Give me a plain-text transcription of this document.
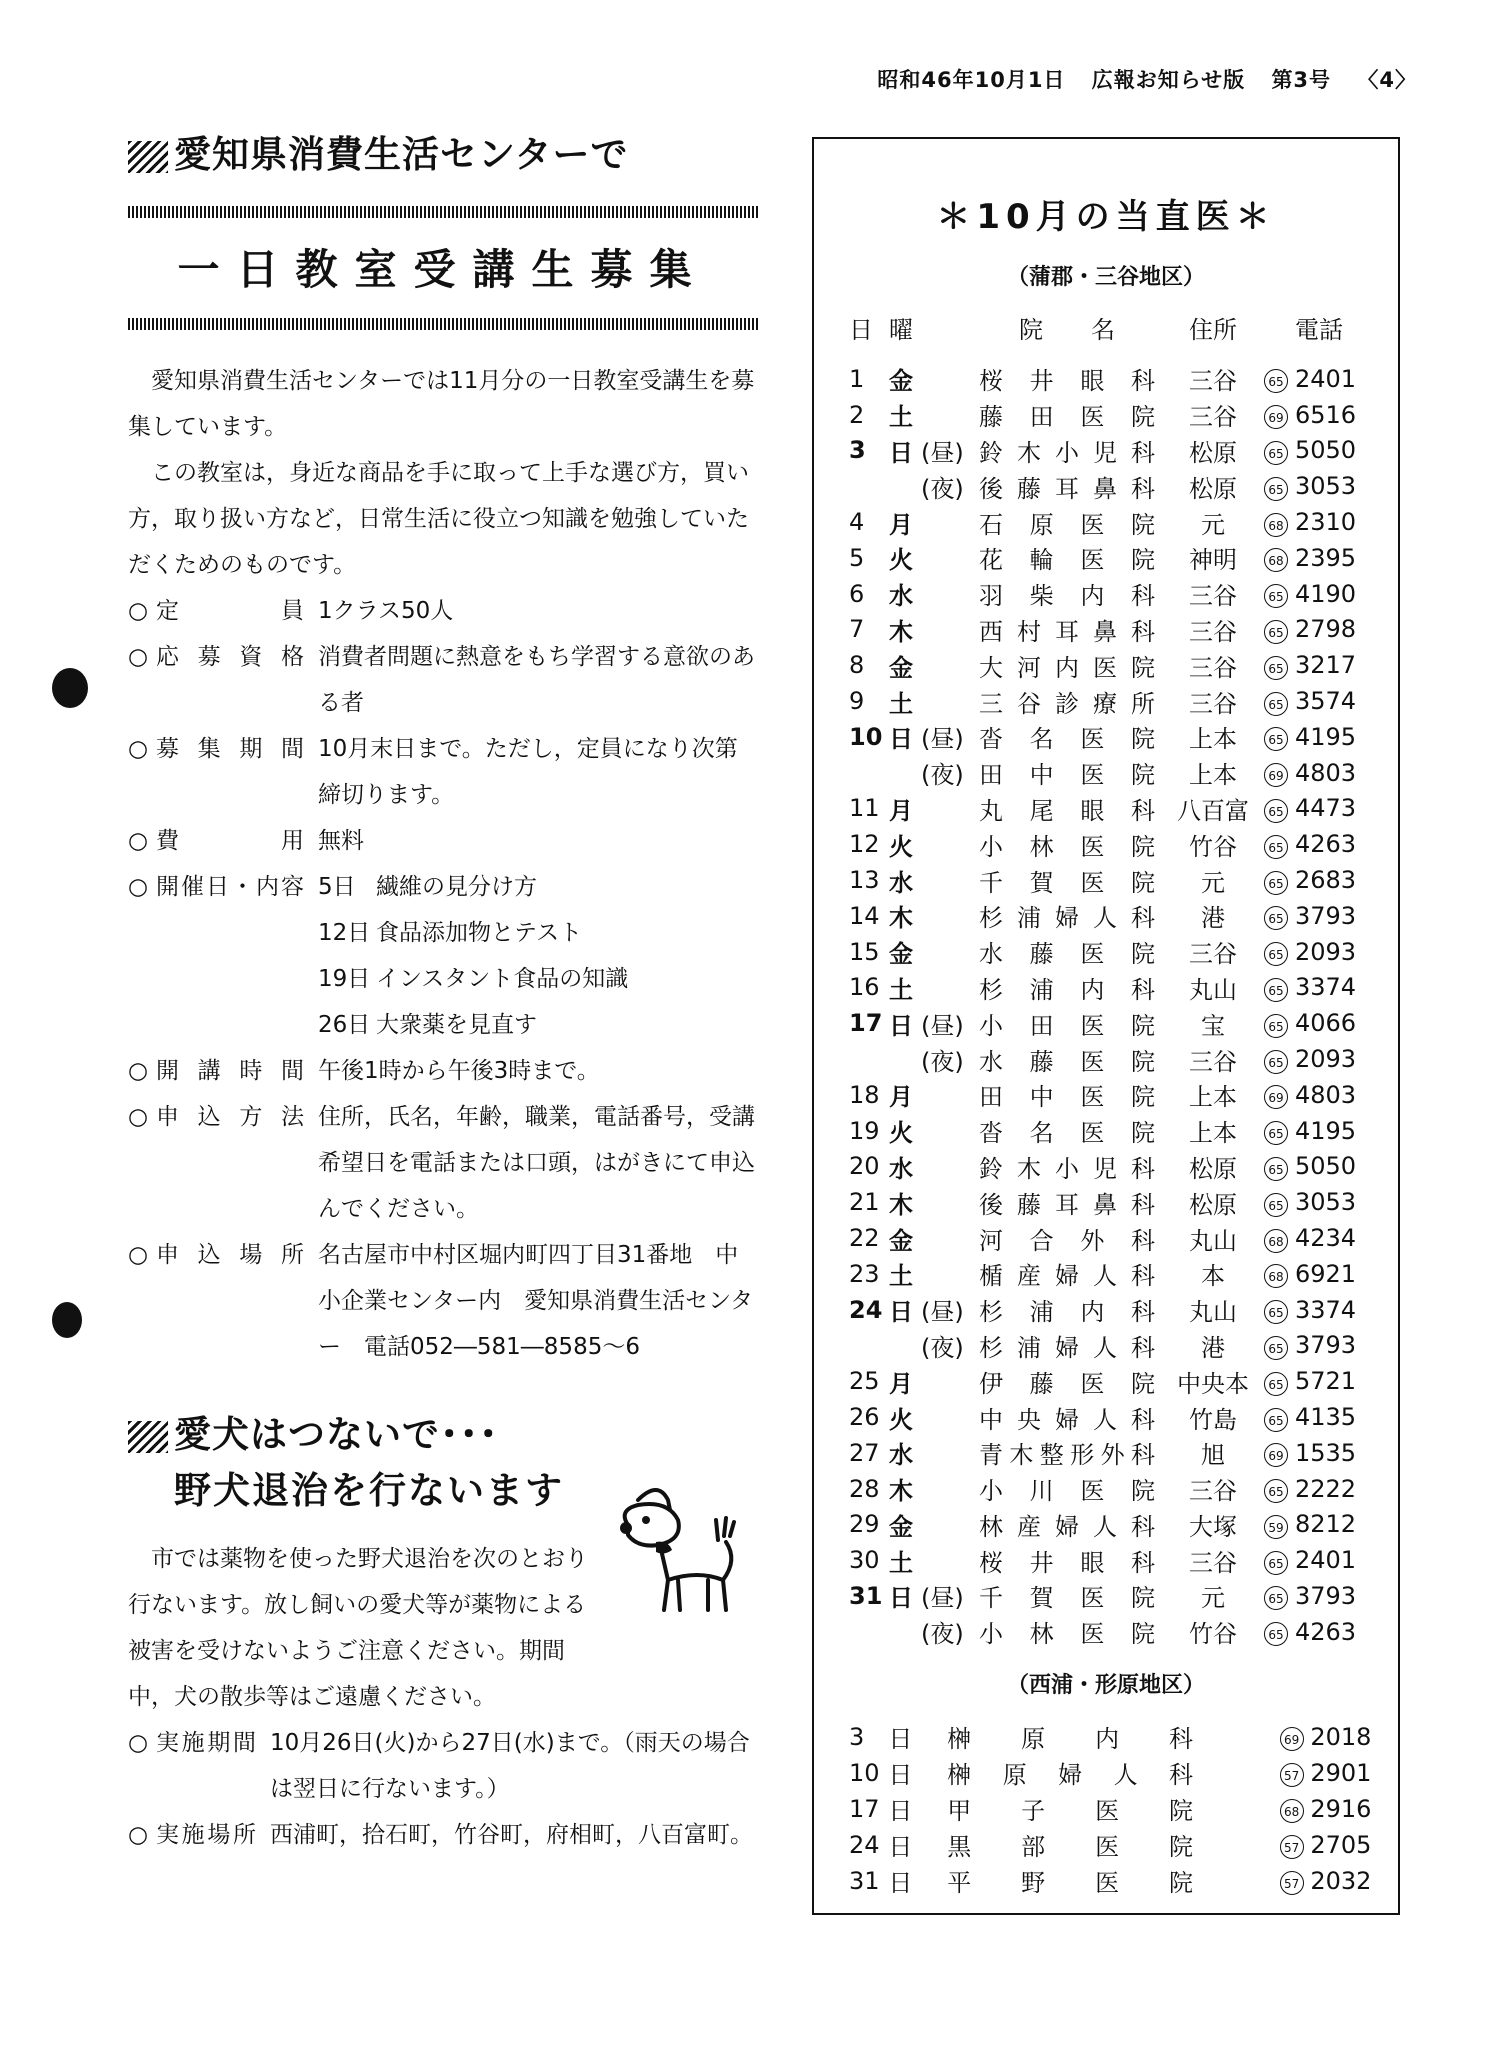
昭和46年10月1日 広報お知らせ版 第3号 〈4〉
愛知県消費生活センターで
一日教室受講生募集

愛知県消費生活センターでは11月分の一日教室受講生を募集しています。

この教室は，身近な商品を手に取って上手な選び方，買い方，取り扱い方など，日常生活に役立つ知識を勉強していただくためのものです。

○ 定員 1クラス50人
○ 応募資格 消費者問題に熱意をもち学習する意欲のある者
○ 募集期間 10月末日まで。ただし，定員になり次第締切ります。
○ 費用 無料
○ 開催日・内容 5日 繊維の見分け方
12日 食品添加物とテスト
19日 インスタント食品の知識
26日 大衆薬を見直す
○ 開講時間 午後1時から午後3時まで。
○ 申込方法 住所，氏名，年齢，職業，電話番号，受講希望日を電話または口頭，はがきにて申込んでください。
○ 申込場所 名古屋市中村区堀内町四丁目31番地　中小企業センター内　愛知県消費生活センター　電話052―581―8585～6
愛犬はつないで･･･
野犬退治を行ないます

市では薬物を使った野犬退治を次のとおり行ないます。放し飼いの愛犬等が薬物による被害を受けないようご注意ください。期間中，犬の散歩等はご遠慮ください。

○ 実施期間 10月26日(火)から27日(水)まで。（雨天の場合は翌日に行ないます。）
○ 実施場所 西浦町，拾石町，竹谷町，府相町，八百富町。
＊10月の当直医＊
（蒲郡・三谷地区）
日 曜	院　　名	住所	電話
1	金	桜井眼科	三谷	65 2401
2	土	藤田医院	三谷	69 6516
3 日 (昼) 鈴木小児科	松原	65 5050
(夜) 後藤耳鼻科	松原	65 3053
4	月	石原医院	元	68 2310
5	火	花輪医院	神明	68 2395
6	水	羽柴内科	三谷	65 4190
7	木	西村耳鼻科	三谷	65 2798
8	金	大河内医院	三谷	65 3217
9	土	三谷診療所	三谷	65 3574
10 日 (昼) 沓名医院	上本	65 4195
(夜) 田中医院	上本	69 4803
11 月	丸尾眼科 八百富	65 4473
12 火	小林医院	竹谷	65 4263
13 水	千賀医院	元	65 2683
14 木	杉浦婦人科	港	65 3793
15 金	水藤医院	三谷	65 2093
16 土	杉浦内科	丸山	65 3374
17 日 (昼) 小田医院	宝	65 4066
(夜) 水藤医院	三谷	65 2093
18 月	田中医院	上本	69 4803
19 火	沓名医院	上本	65 4195
20 水	鈴木小児科	松原	65 5050
21 木	後藤耳鼻科	松原	65 3053
22 金	河合外科	丸山	68 4234
23 土	楯産婦人科	本	68 6921
24 日 (昼) 杉浦内科	丸山	65 3374
(夜) 杉浦婦人科	港	65 3793
25 月	伊藤医院 中央本	65 5721
26 火	中央婦人科	竹島	65 4135
27 水	青木整形外科	旭	69 1535
28 木	小川医院	三谷	65 2222
29 金	林産婦人科	大塚	59 8212
30 土	桜井眼科	三谷	65 2401
31 日 (昼) 千賀医院	元	65 3793
(夜) 小林医院	竹谷	65 4263
（西浦・形原地区）
3	日	榊原内科	69 2018
10 日	榊原婦人科	57 2901
17 日	甲子医院	68 2916
24 日	黒部医院	57 2705
31 日	平野医院	57 2032
